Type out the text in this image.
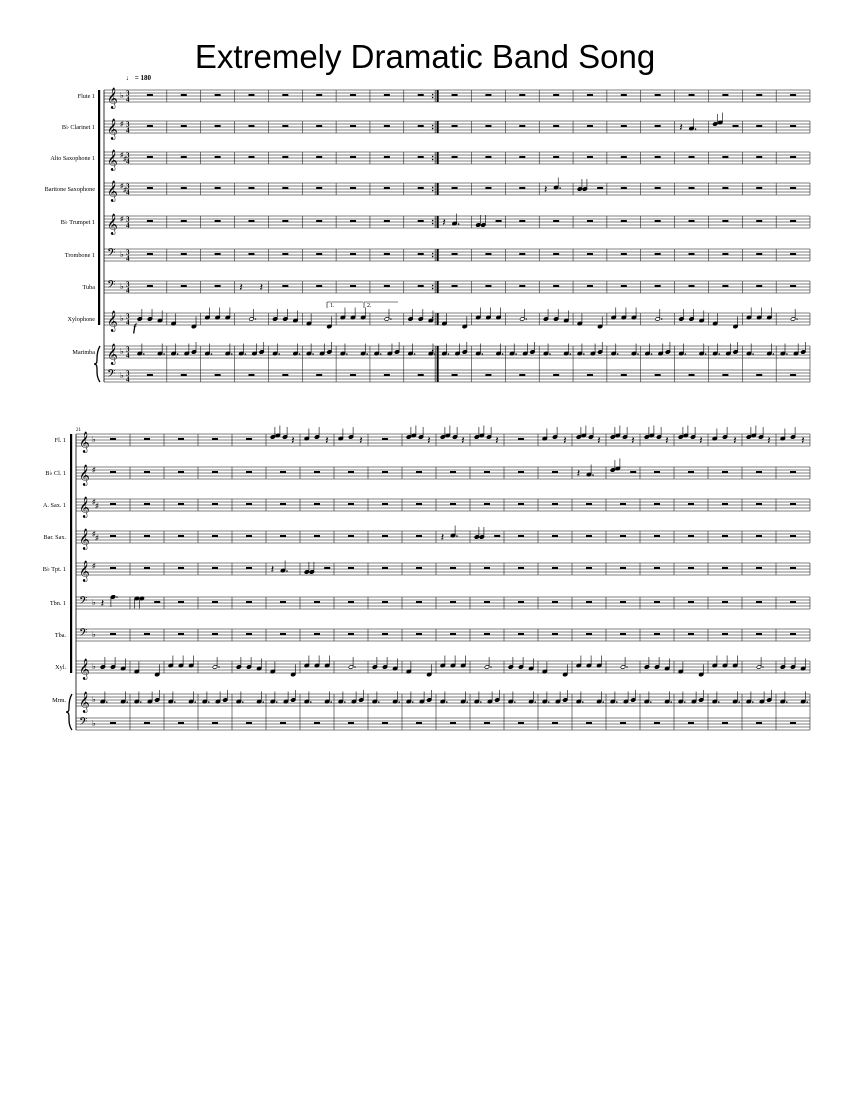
Extremely Dramatic Band Song
♩ = 180
f
1.	2.
21
Flute 1 𝄞 ♭ 3
4
B♭ Clarinet 1 𝄞 ♯ 3
4	𝄽
Alto Saxophone 1 𝄞 ♯ ♯ 3
4
Baritone Saxophone 𝄞 ♯ ♯ 3
4	𝄽
B♭ Trumpet 1 𝄞 ♯ 3
4	𝄽
Trombone 1 𝄢 ♭ 3
4
Tuba 𝄢 ♭ 3
4	𝄽 𝄽
Xylophone 𝄞 ♭ 3
4
Marimba 𝄞 ♭ 3
4
𝄢 ♭ 3
4
Fl. 1 𝄞 ♭	𝄽	𝄽	𝄽	𝄽	𝄽	𝄽	𝄽	𝄽	𝄽	𝄽	𝄽	𝄽	𝄽	𝄽
B♭ Cl. 1 𝄞 ♯	𝄽
A. Sax. 1 𝄞 ♯ ♯
Bar. Sax. 𝄞 ♯ ♯	𝄽
B♭ Tpt. 1 𝄞 ♯	𝄽
Tbn. 1 𝄢 ♭ 𝄽
Tba. 𝄢 ♭
Xyl. 𝄞 ♭
Mrm. 𝄞 ♭
𝄢 ♭
